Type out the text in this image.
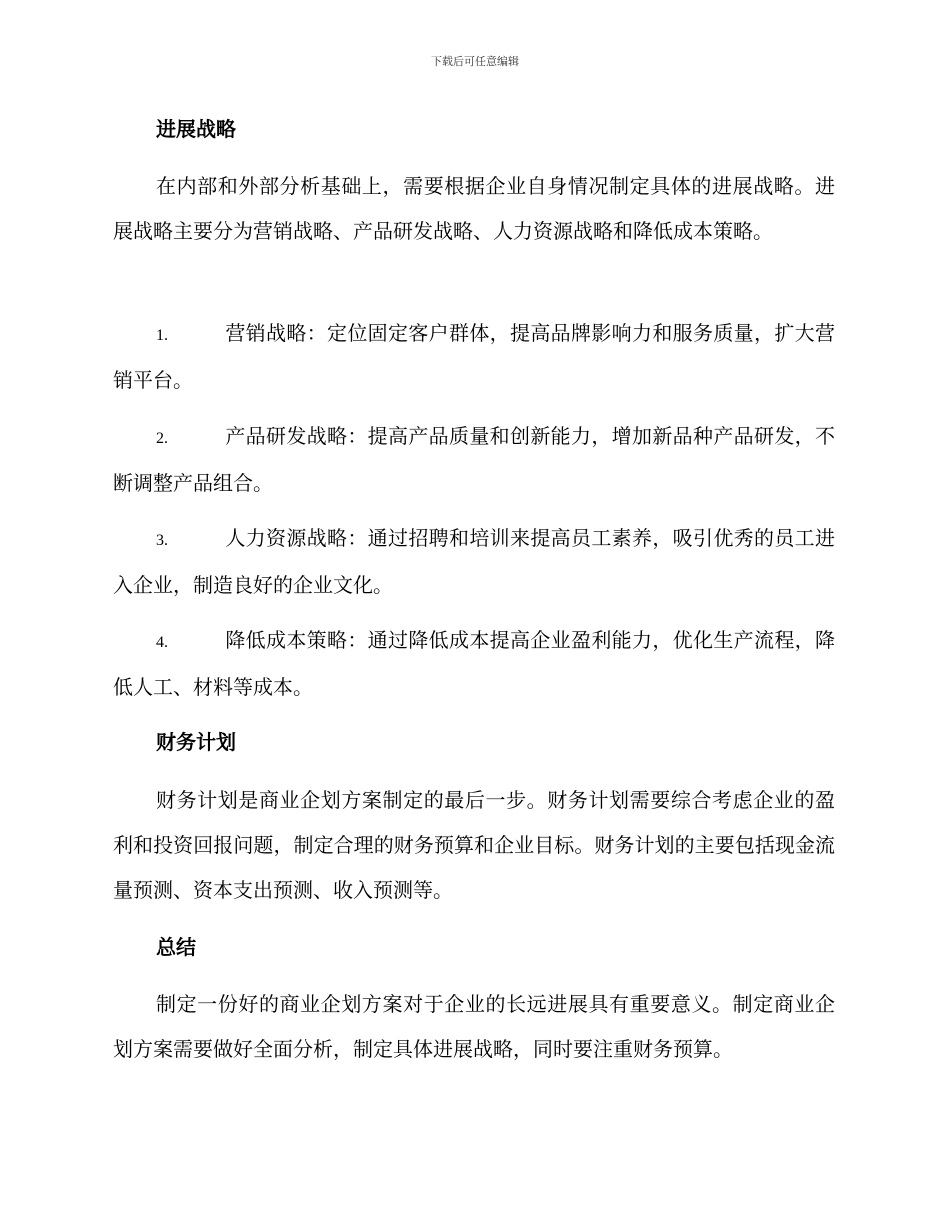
下载后可任意编辑
进展战略
在内部和外部分析基础上，需要根据企业自身情况制定具体的进展战略。进展战略主要分为营销战略、产品研发战略、人力资源战略和降低成本策略。
1.	营销战略：定位固定客户群体，提高品牌影响力和服务质量，扩大营销平台。
2.	产品研发战略：提高产品质量和创新能力，增加新品种产品研发，不断调整产品组合。
3.	人力资源战略：通过招聘和培训来提高员工素养，吸引优秀的员工进入企业，制造良好的企业文化。
4.	降低成本策略：通过降低成本提高企业盈利能力，优化生产流程，降低人工、材料等成本。
财务计划
财务计划是商业企划方案制定的最后一步。财务计划需要综合考虑企业的盈利和投资回报问题，制定合理的财务预算和企业目标。财务计划的主要包括现金流量预测、资本支出预测、收入预测等。
总结
制定一份好的商业企划方案对于企业的长远进展具有重要意义。制定商业企划方案需要做好全面分析，制定具体进展战略，同时要注重财务预算。
